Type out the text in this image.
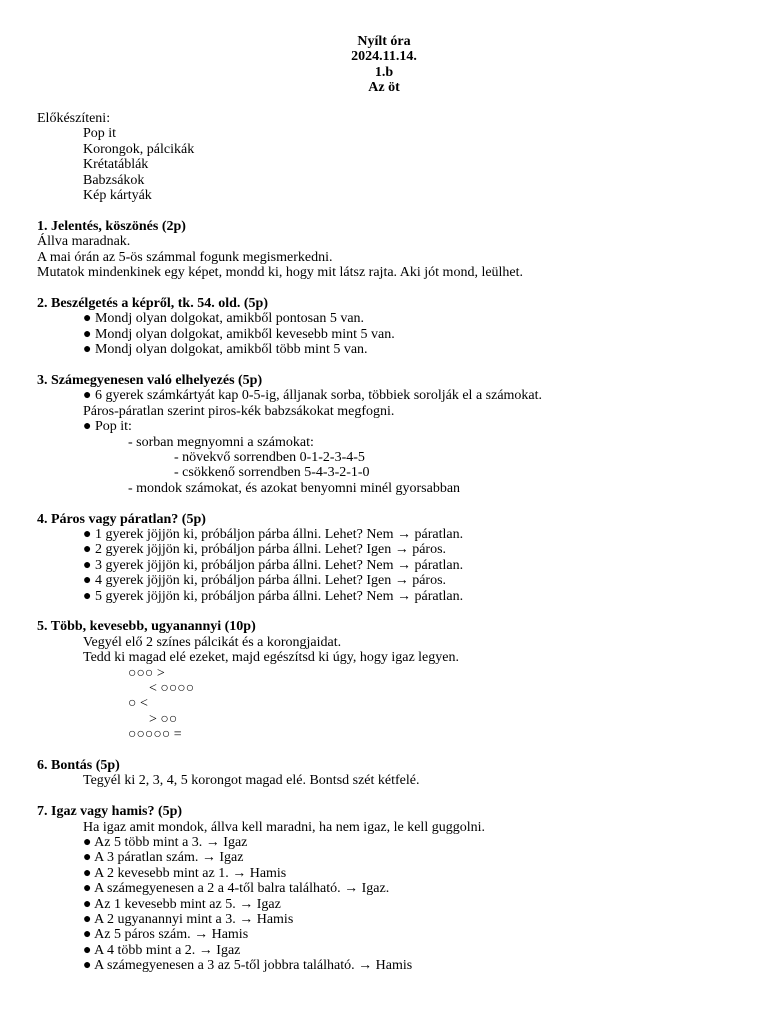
Nyílt óra
2024.11.14.
1.b
Az öt
Előkészíteni:
Pop it
Korongok, pálcikák
Krétatáblák
Babzsákok
Kép kártyák
1. Jelentés, köszönés (2p)
Állva maradnak.
A mai órán az 5-ös számmal fogunk megismerkedni.
Mutatok mindenkinek egy képet, mondd ki, hogy mit látsz rajta. Aki jót mond, leülhet.
2. Beszélgetés a képről, tk. 54. old. (5p)
● Mondj olyan dolgokat, amikből pontosan 5 van.
● Mondj olyan dolgokat, amikből kevesebb mint 5 van.
● Mondj olyan dolgokat, amikből több mint 5 van.
3. Számegyenesen való elhelyezés (5p)
● 6 gyerek számkártyát kap 0-5-ig, álljanak sorba, többiek sorolják el a számokat.
Páros-páratlan szerint piros-kék babzsákokat megfogni.
● Pop it:
- sorban megnyomni a számokat:
- növekvő sorrendben 0-1-2-3-4-5
- csökkenő sorrendben 5-4-3-2-1-0
- mondok számokat, és azokat benyomni minél gyorsabban
4. Páros vagy páratlan? (5p)
● 1 gyerek jöjjön ki, próbáljon párba állni. Lehet? Nem → páratlan.
● 2 gyerek jöjjön ki, próbáljon párba állni. Lehet? Igen → páros.
● 3 gyerek jöjjön ki, próbáljon párba állni. Lehet? Nem → páratlan.
● 4 gyerek jöjjön ki, próbáljon párba állni. Lehet? Igen → páros.
● 5 gyerek jöjjön ki, próbáljon párba állni. Lehet? Nem → páratlan.
5. Több, kevesebb, ugyanannyi (10p)
Vegyél elő 2 színes pálcikát és a korongjaidat.
Tedd ki magad elé ezeket, majd egészítsd ki úgy, hogy igaz legyen.
○○○ >
< ○○○○
○ <
> ○○
○○○○○ =
6. Bontás (5p)
Tegyél ki 2, 3, 4, 5 korongot magad elé. Bontsd szét kétfelé.
7. Igaz vagy hamis? (5p)
Ha igaz amit mondok, állva kell maradni, ha nem igaz, le kell guggolni.
● Az 5 több mint a 3. → Igaz
● A 3 páratlan szám. → Igaz
● A 2 kevesebb mint az 1. → Hamis
● A számegyenesen a 2 a 4-től balra található. → Igaz.
● Az 1 kevesebb mint az 5. → Igaz
● A 2 ugyanannyi mint a 3. → Hamis
● Az 5 páros szám. → Hamis
● A 4 több mint a 2. → Igaz
● A számegyenesen a 3 az 5-től jobbra található. → Hamis
